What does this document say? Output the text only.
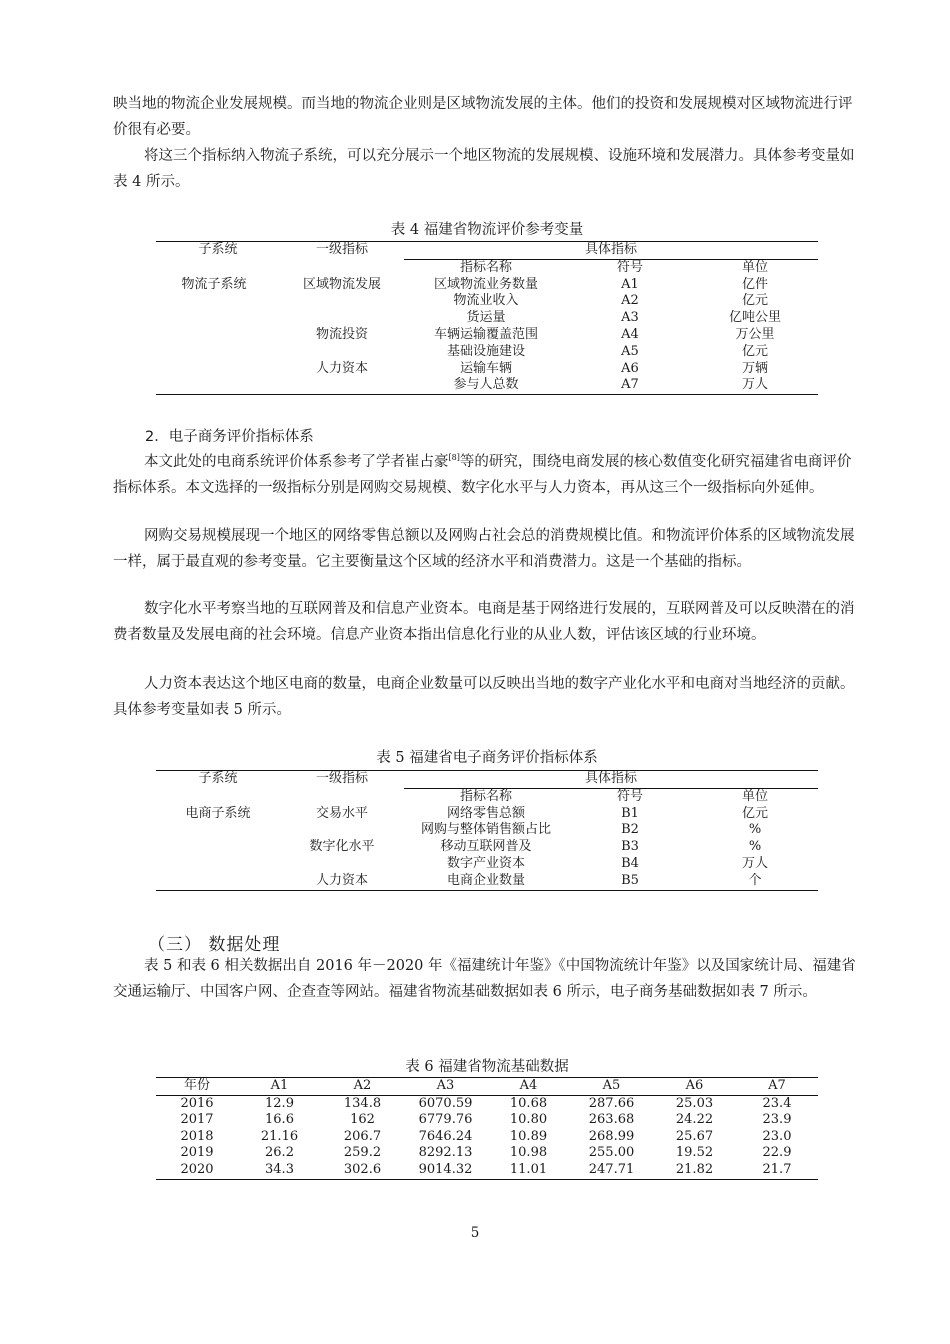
映当地的物流企业发展规模。而当地的物流企业则是区域物流发展的主体。他们的投资和发展规模对区域物流进行评价很有必要。

将这三个指标纳入物流子系统，可以充分展示一个地区物流的发展规模、设施环境和发展潜力。具体参考变量如表 4 所示。

表 4 福建省物流评价参考变量

子系统	一级指标	具体指标		
		指标名称	符号	单位
物流子系统	区域物流发展	区域物流业务数量	A1	亿件
		物流业收入	A2	亿元
		货运量	A3	亿吨公里
	物流投资	车辆运输覆盖范围	A4	万公里
		基础设施建设	A5	亿元
	人力资本	运输车辆	A6	万辆
		参与人总数	A7	万人

2．电子商务评价指标体系

本文此处的电商系统评价体系参考了学者崔占豪[8]等的研究，围绕电商发展的核心数值变化研究福建省电商评价指标体系。本文选择的一级指标分别是网购交易规模、数字化水平与人力资本，再从这三个一级指标向外延伸。

网购交易规模展现一个地区的网络零售总额以及网购占社会总的消费规模比值。和物流评价体系的区域物流发展一样，属于最直观的参考变量。它主要衡量这个区域的经济水平和消费潜力。这是一个基础的指标。

数字化水平考察当地的互联网普及和信息产业资本。电商是基于网络进行发展的，互联网普及可以反映潜在的消费者数量及发展电商的社会环境。信息产业资本指出信息化行业的从业人数，评估该区域的行业环境。

人力资本表达这个地区电商的数量，电商企业数量可以反映出当地的数字产业化水平和电商对当地经济的贡献。具体参考变量如表 5 所示。

表 5 福建省电子商务评价指标体系

子系统	一级指标	具体指标		
		指标名称	符号	单位
电商子系统	交易水平	网络零售总额	B1	亿元
		网购与整体销售额占比	B2	%
	数字化水平	移动互联网普及	B3	%
		数字产业资本	B4	万人
	人力资本	电商企业数量	B5	个

（三） 数据处理

表 5 和表 6 相关数据出自 2016 年－2020 年《福建统计年鉴》《中国物流统计年鉴》以及国家统计局、福建省交通运输厅、中国客户网、企查查等网站。福建省物流基础数据如表 6 所示，电子商务基础数据如表 7 所示。

表 6 福建省物流基础数据

年份	A1	A2	A3	A4	A5	A6	A7
2016	12.9	134.8	6070.59	10.68	287.66	25.03	23.4
2017	16.6	162	6779.76	10.80	263.68	24.22	23.9
2018	21.16	206.7	7646.24	10.89	268.99	25.67	23.0
2019	26.2	259.2	8292.13	10.98	255.00	19.52	22.9
2020	34.3	302.6	9014.32	11.01	247.71	21.82	21.7

5
